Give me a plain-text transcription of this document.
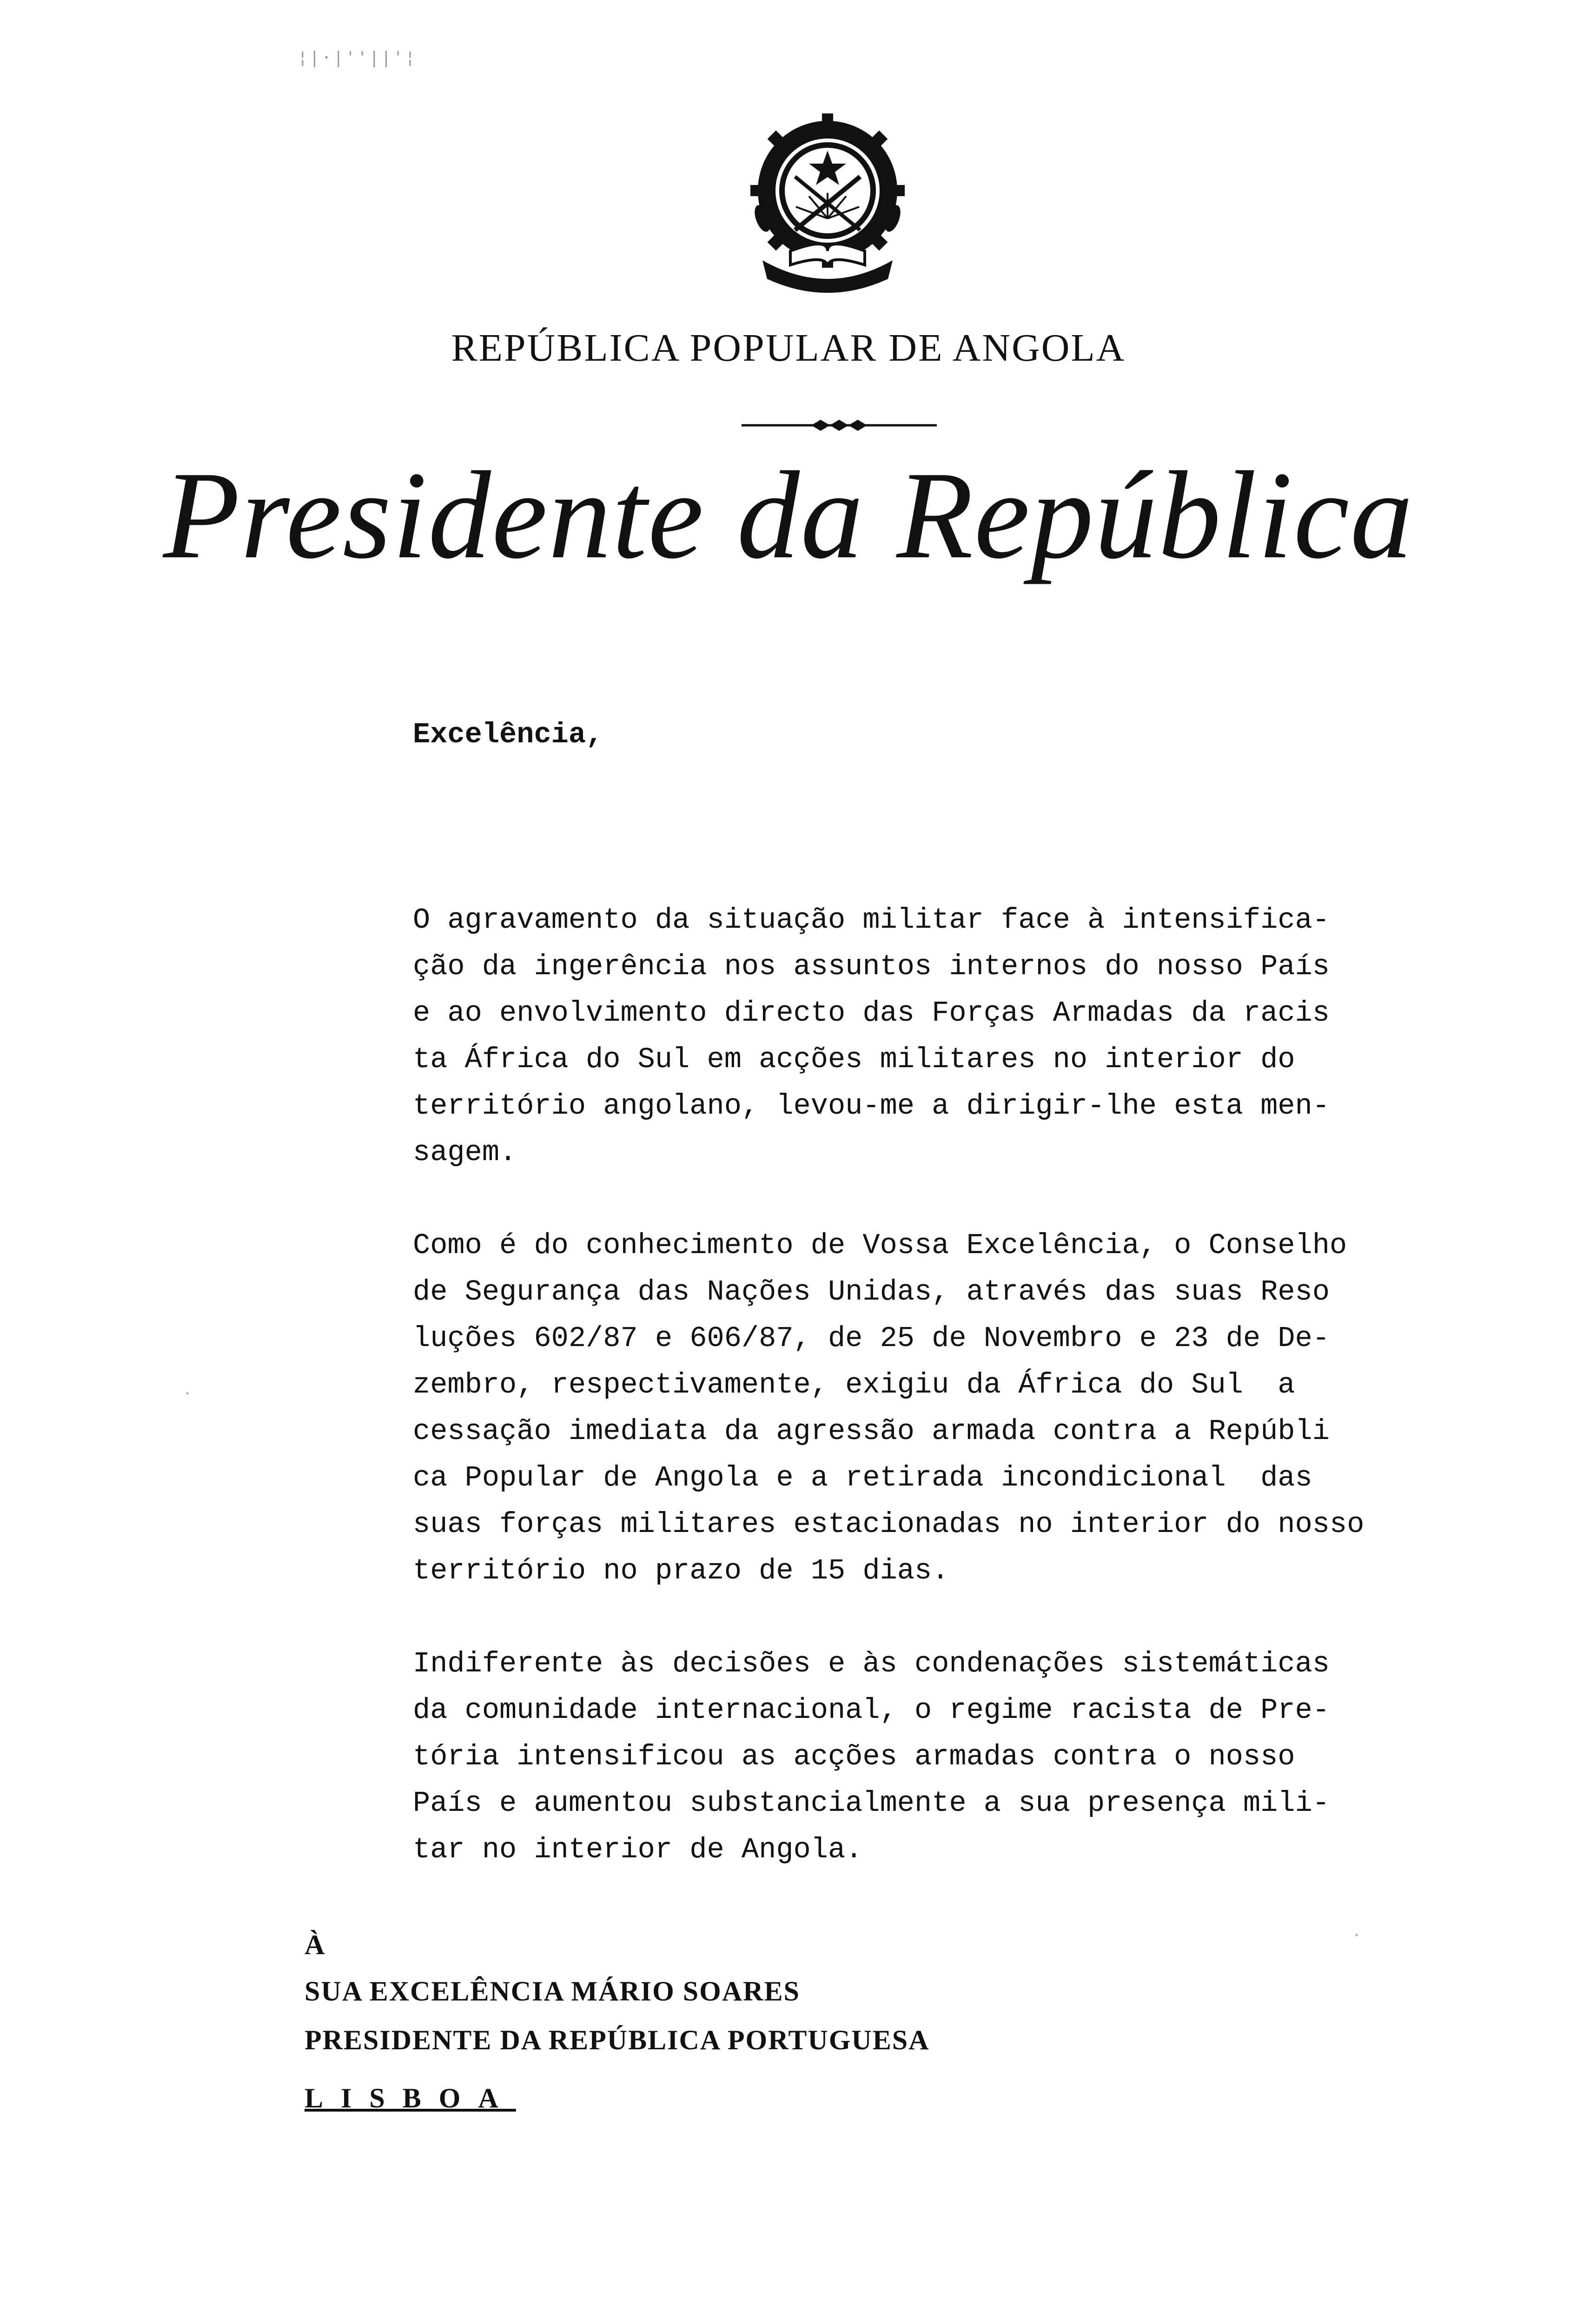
¦|·|''||'¦
REPÚBLICA POPULAR DE ANGOLA
Presidente da República
Excelência,
O agravamento da situação militar face à intensifica-
ção da ingerência nos assuntos internos do nosso País
e ao envolvimento directo das Forças Armadas da racis
ta África do Sul em acções militares no interior do
território angolano, levou-me a dirigir-lhe esta men-
sagem.
Como é do conhecimento de Vossa Excelência, o Conselho
de Segurança das Nações Unidas, através das suas Reso
luções 602/87 e 606/87, de 25 de Novembro e 23 de De-
zembro, respectivamente, exigiu da África do Sul  a
cessação imediata da agressão armada contra a Repúbli
ca Popular de Angola e a retirada incondicional  das
suas forças militares estacionadas no interior do nosso
território no prazo de 15 dias.
Indiferente às decisões e às condenações sistemáticas
da comunidade internacional, o regime racista de Pre-
tória intensificou as acções armadas contra o nosso
País e aumentou substancialmente a sua presença mili-
tar no interior de Angola.
À
SUA EXCELÊNCIA MÁRIO SOARES
PRESIDENTE DA REPÚBLICA PORTUGUESA
LISBOA
